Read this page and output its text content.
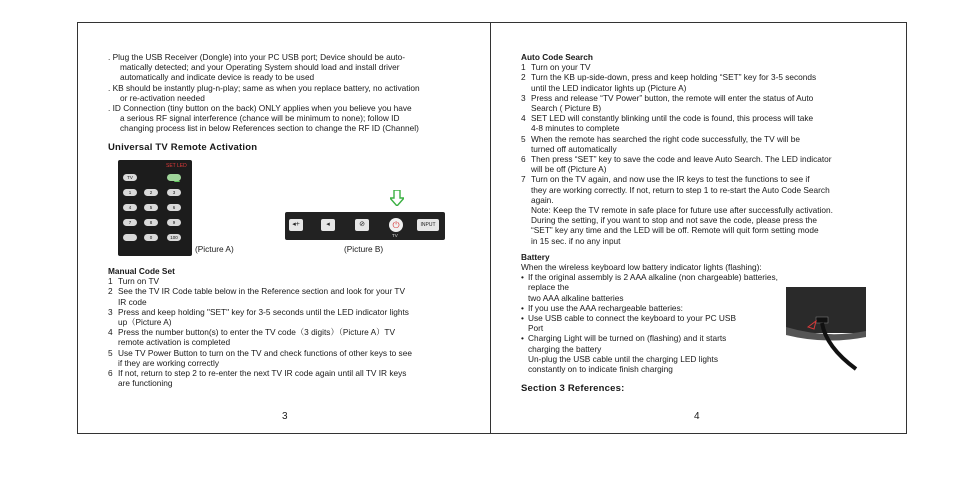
. Plug the USB Receiver (Dongle) into your PC USB port; Device should be auto-
matically detected; and your Operating System should load and install driver
automatically and indicate device is ready to be used
. KB should be instantly plug-n-play; same as when you replace battery, no activation
or re-activation needed
. ID Connection (tiny button on the back) ONLY applies when you believe you have
a serious RF signal interference (chance will be minimum to none); follow ID
changing process list in below References section to change the RF ID (Channel)
Universal TV Remote Activation
SET LED
TV
1	2	3
4	5	6
7	8	9
0	100
(Picture A)
◂+	◂	⊘	⏻	INPUT
TV
(Picture B)
Manual Code Set
1 Turn on TV
2 See the TV IR Code table below in the Reference section and look for your TV
IR code
3 Press and keep holding "SET" key for 3-5 seconds until the LED indicator lights
up（Picture A)
4 Press the number button(s) to enter the TV code（3 digits）（Picture A）TV
remote activation is completed
5 Use TV Power Button to turn on the TV and check functions of other keys to see
if they are working correctly
6 If not, return to step 2 to re-enter the next TV IR code again until all TV IR keys
are functioning
3
Auto Code Search
1 Turn on your TV
2 Turn the KB up-side-down, press and keep holding “SET” key for 3-5 seconds
until the LED indicator lights up (Picture A)
3 Press and release “TV Power” button, the remote will enter the status of Auto
Search ( Picture B)
4 SET LED will constantly blinking until the code is found, this process will take
4-8 minutes to complete
5 When the remote has searched the right code successfully, the TV will be
turned off automatically
6 Then press “SET” key to save the code and leave Auto Search. The LED indicator
will be off (Picture A)
7 Turn on the TV again, and now use the IR keys to test the functions to see if
they are working correctly. If not, return to step 1 to re-start the Auto Code Search
again.
Note: Keep the TV remote in safe place for future use after successfully activation.
During the setting, if you want to stop and not save the code, please press the
“SET” key any time and the LED will be off. Remote will quit form setting mode
in 15 sec. if no any input
Battery
When the wireless keyboard low battery indicator lights (flashing):
• If the original assembly is 2 AAA alkaline (non chargeable) batteries, replace the
two AAA alkaline batteries
• If you use the AAA rechargeable batteries:
• Use USB cable to connect the keyboard to your PC USB
Port
• Charging Light will be turned on (flashing) and it starts
charging the battery
Un-plug the USB cable until the charging LED lights
constantly on to indicate finish charging
Section 3 References:
4
